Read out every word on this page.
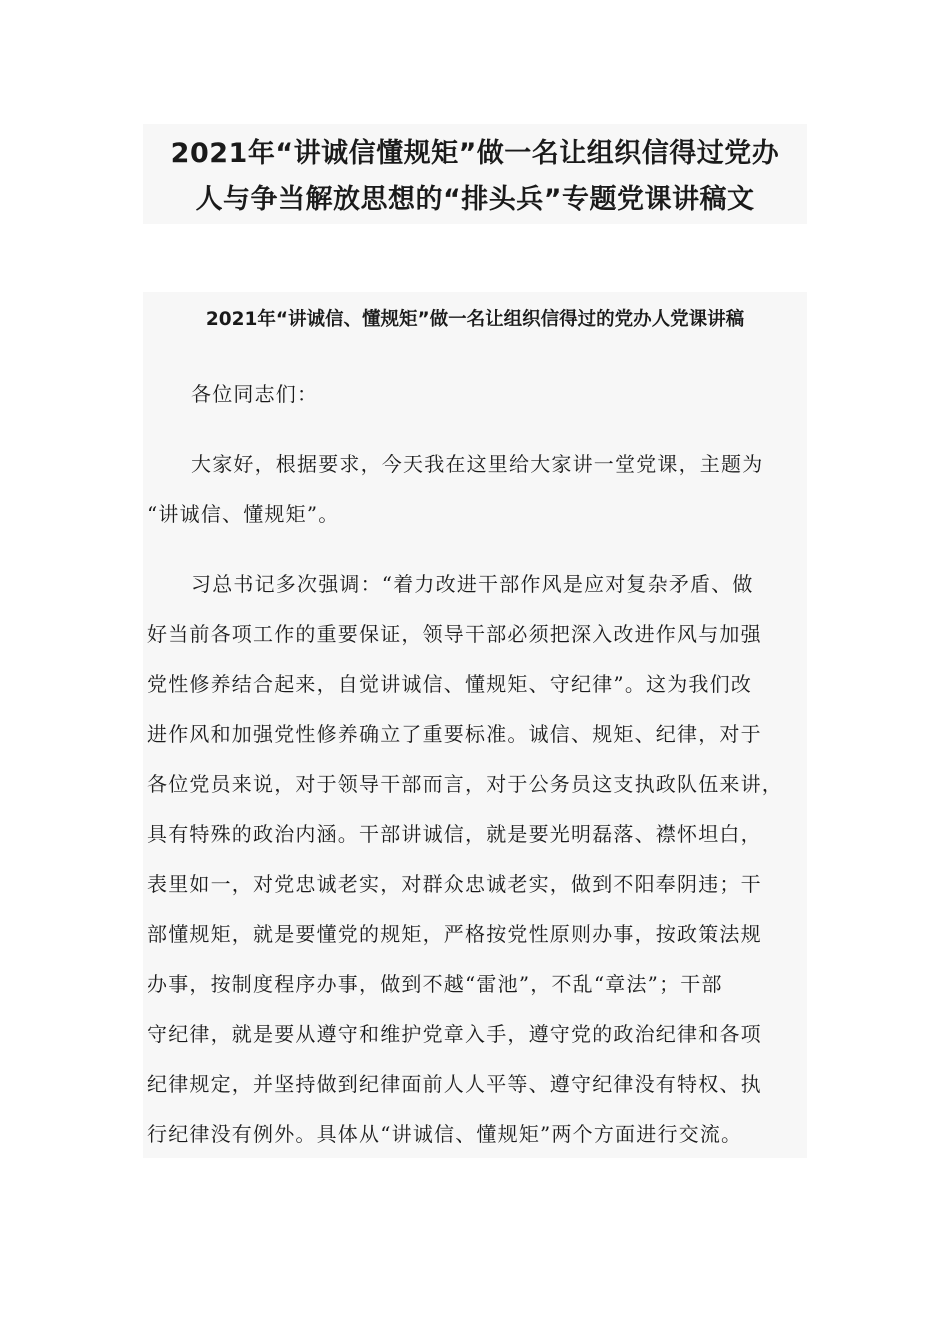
2021年“讲诚信懂规矩”做一名让组织信得过党办
人与争当解放思想的“排头兵”专题党课讲稿文
2021年“讲诚信、懂规矩”做一名让组织信得过的党办人党课讲稿
各位同志们：
大家好，根据要求，今天我在这里给大家讲一堂党课，主题为
“讲诚信、懂规矩”。
习总书记多次强调：“着力改进干部作风是应对复杂矛盾、做
好当前各项工作的重要保证，领导干部必须把深入改进作风与加强
党性修养结合起来，自觉讲诚信、懂规矩、守纪律”。这为我们改
进作风和加强党性修养确立了重要标准。诚信、规矩、纪律，对于
各位党员来说，对于领导干部而言，对于公务员这支执政队伍来讲，
具有特殊的政治内涵。干部讲诚信，就是要光明磊落、襟怀坦白，
表里如一，对党忠诚老实，对群众忠诚老实，做到不阳奉阴违；干
部懂规矩，就是要懂党的规矩，严格按党性原则办事，按政策法规
办事，按制度程序办事，做到不越“雷池”，不乱“章法”；干部
守纪律，就是要从遵守和维护党章入手，遵守党的政治纪律和各项
纪律规定，并坚持做到纪律面前人人平等、遵守纪律没有特权、执
行纪律没有例外。具体从“讲诚信、懂规矩”两个方面进行交流。
